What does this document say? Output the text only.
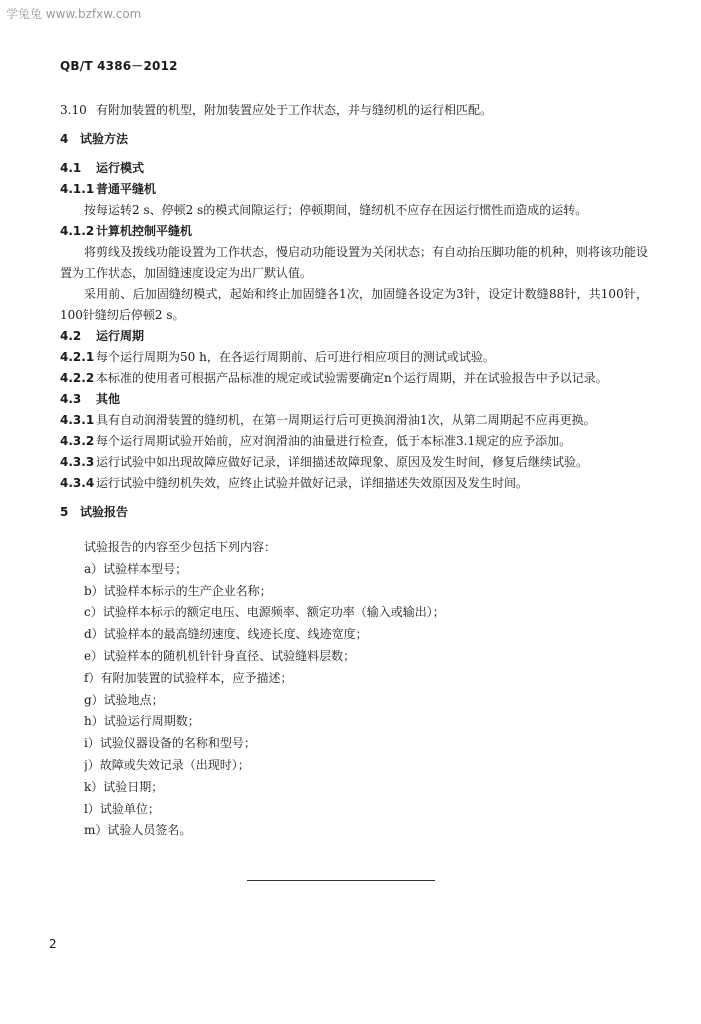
学兔兔 www.bzfxw.com
QB/T 4386－2012
3.10 有附加装置的机型，附加装置应处于工作状态，并与缝纫机的运行相匹配。
4 试验方法
4.1	运行模式
4.1.1 普通平缝机
按每运转2 s、停顿2 s的模式间隙运行；停顿期间，缝纫机不应存在因运行惯性而造成的运转。
4.1.2 计算机控制平缝机
将剪线及拨线功能设置为工作状态，慢启动功能设置为关闭状态；有自动抬压脚功能的机种，则将该功能设置为工作状态，加固缝速度设定为出厂默认值。
采用前、后加固缝纫模式，起始和终止加固缝各1次，加固缝各设定为3针，设定计数缝88针，共100针，100针缝纫后停顿2 s。
4.2	运行周期
4.2.1 每个运行周期为50 h，在各运行周期前、后可进行相应项目的测试或试验。
4.2.2 本标准的使用者可根据产品标准的规定或试验需要确定n个运行周期，并在试验报告中予以记录。
4.3	其他
4.3.1 具有自动润滑装置的缝纫机，在第一周期运行后可更换润滑油1次，从第二周期起不应再更换。
4.3.2 每个运行周期试验开始前，应对润滑油的油量进行检查，低于本标准3.1规定的应予添加。
4.3.3 运行试验中如出现故障应做好记录，详细描述故障现象、原因及发生时间，修复后继续试验。
4.3.4 运行试验中缝纫机失效，应终止试验并做好记录，详细描述失效原因及发生时间。
5 试验报告
试验报告的内容至少包括下列内容：
a）试验样本型号；
b）试验样本标示的生产企业名称；
c）试验样本标示的额定电压、电源频率、额定功率（输入或输出）；
d）试验样本的最高缝纫速度、线迹长度、线迹宽度；
e）试验样本的随机机针针身直径、试验缝料层数；
f）有附加装置的试验样本，应予描述；
g）试验地点；
h）试验运行周期数；
i）试验仪器设备的名称和型号；
j）故障或失效记录（出现时）；
k）试验日期；
l）试验单位；
m）试验人员签名。
2
